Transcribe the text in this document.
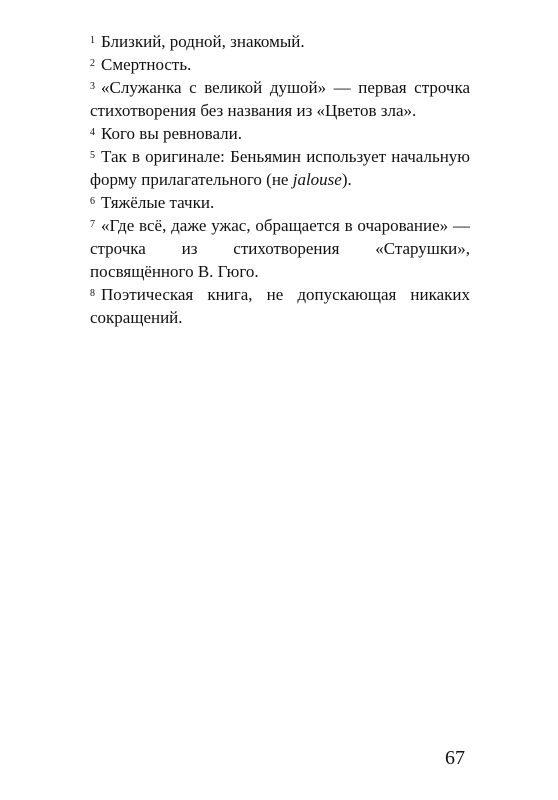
$^1$ Близкий, родной, знакомый.

$^2$ Смертность.

$^3$ «Служанка с великой душой» — первая строчка стихотворения без названия из «Цветов зла».

$^4$ Кого вы ревновали.

$^5$ Так в оригинале: Беньямин использует начальную форму прилагательного (не jalouse).

$^6$ Тяжёлые тачки.

$^7$ «Где всё, даже ужас, обращается в очарование» — строчка из стихотворения «Старушки», посвящённого В. Гюго.

$^8$ Поэтическая книга, не допускающая никаких сокращений.

67
